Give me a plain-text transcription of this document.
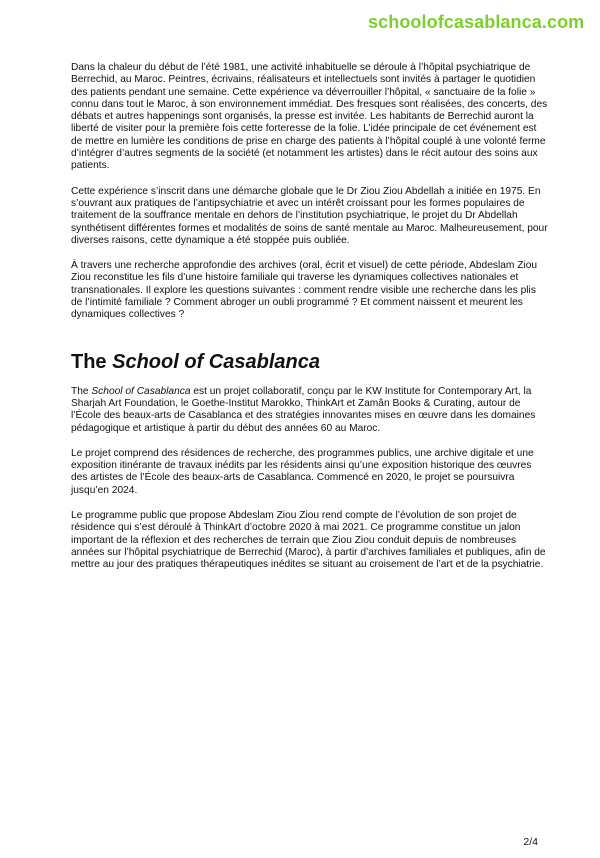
schoolofcasablanca.com

Dans la chaleur du début de l’été 1981, une activité inhabituelle se déroule à l’hôpital psychiatrique de Berrechid, au Maroc. Peintres, écrivains, réalisateurs et intellectuels sont invités à partager le quotidien des patients pendant une semaine. Cette expérience va déverrouiller l’hôpital, « sanctuaire de la folie » connu dans tout le Maroc, à son environnement immédiat. Des fresques sont réalisées, des concerts, des débats et autres happenings sont organisés, la presse est invitée. Les habitants de Berrechid auront la liberté de visiter pour la première fois cette forteresse de la folie. L’idée principale de cet événement est de mettre en lumière les conditions de prise en charge des patients à l’hôpital couplé à une volonté ferme d’intégrer d’autres segments de la société (et notamment les artistes) dans le récit autour des soins aux patients.

Cette expérience s’inscrit dans une démarche globale que le Dr Ziou Ziou Abdellah a initiée en 1975. En s’ouvrant aux pratiques de l’antipsychiatrie et avec un intérêt croissant pour les formes populaires de traitement de la souffrance mentale en dehors de l’institution psychiatrique, le projet du Dr Abdellah synthétisent différentes formes et modalités de soins de santé mentale au Maroc. Malheureusement, pour diverses raisons, cette dynamique a été stoppée puis oubliée.

À travers une recherche approfondie des archives (oral, écrit et visuel) de cette période, Abdeslam Ziou Ziou reconstitue les fils d’une histoire familiale qui traverse les dynamiques collectives nationales et transnationales. Il explore les questions suivantes : comment rendre visible une recherche dans les plis de l’intimité familiale ? Comment abroger un oubli programmé ? Et comment naissent et meurent les dynamiques collectives ?

The School of Casablanca

The School of Casablanca est un projet collaboratif, conçu par le KW Institute for Contemporary Art, la Sharjah Art Foundation, le Goethe-Institut Marokko, ThinkArt et Zamân Books & Curating, autour de l’École des beaux-arts de Casablanca et des stratégies innovantes mises en œuvre dans les domaines pédagogique et artistique à partir du début des années 60 au Maroc.

Le projet comprend des résidences de recherche, des programmes publics, une archive digitale et une exposition itinérante de travaux inédits par les résidents ainsi qu’une exposition historique des œuvres des artistes de l’École des beaux-arts de Casablanca. Commencé en 2020, le projet se poursuivra jusqu’en 2024.

Le programme public que propose Abdeslam Ziou Ziou rend compte de l’évolution de son projet de résidence qui s’est déroulé à ThinkArt d’octobre 2020 à mai 2021. Ce programme constitue un jalon important de la réflexion et des recherches de terrain que Ziou Ziou conduit depuis de nombreuses années sur l’hôpital psychiatrique de Berrechid (Maroc), à partir d’archives familiales et publiques, afin de mettre au jour des pratiques thérapeutiques inédites se situant au croisement de l’art et de la psychiatrie.

2/4
